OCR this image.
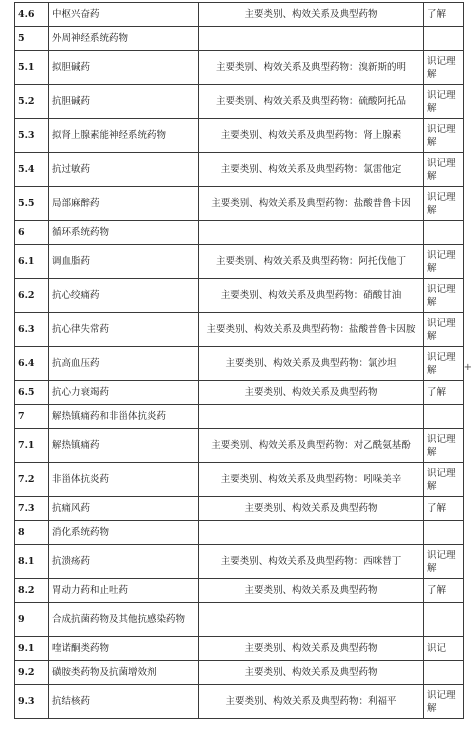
4.6	中枢兴奋药	主要类别、构效关系及典型药物	了解
5	外周神经系统药物		
5.1	拟胆碱药	主要类别、构效关系及典型药物：溴新斯的明	识记理解
5.2	抗胆碱药	主要类别、构效关系及典型药物：硫酸阿托品	识记理解
5.3	拟肾上腺素能神经系统药物	主要类别、构效关系及典型药物：肾上腺素	识记理解
5.4	抗过敏药	主要类别、构效关系及典型药物：氯雷他定	识记理解
5.5	局部麻醉药	主要类别、构效关系及典型药物：盐酸普鲁卡因	识记理解
6	循环系统药物		
6.1	调血脂药	主要类别、构效关系及典型药物：阿托伐他丁	识记理解
6.2	抗心绞痛药	主要类别、构效关系及典型药物：硝酸甘油	识记理解
6.3	抗心律失常药	主要类别、构效关系及典型药物：盐酸普鲁卡因胺	识记理解
6.4	抗高血压药	主要类别、构效关系及典型药物：氯沙坦	识记理解
6.5	抗心力衰竭药	主要类别、构效关系及典型药物	了解
7	解热镇痛药和非甾体抗炎药		
7.1	解热镇痛药	主要类别、构效关系及典型药物：对乙酰氨基酚	识记理解
7.2	非甾体抗炎药	主要类别、构效关系及典型药物：吲哚美辛	识记理解
7.3	抗痛风药	主要类别、构效关系及典型药物	了解
8	消化系统药物		
8.1	抗溃疡药	主要类别、构效关系及典型药物：西咪替丁	识记理解
8.2	胃动力药和止吐药	主要类别、构效关系及典型药物	了解
9	合成抗菌药物及其他抗感染药物		
9.1	喹诺酮类药物	主要类别、构效关系及典型药物	识记
9.2	磺胺类药物及抗菌增效剂	主要类别、构效关系及典型药物	
9.3	抗结核药	主要类别、构效关系及典型药物：利福平	识记理解
+
